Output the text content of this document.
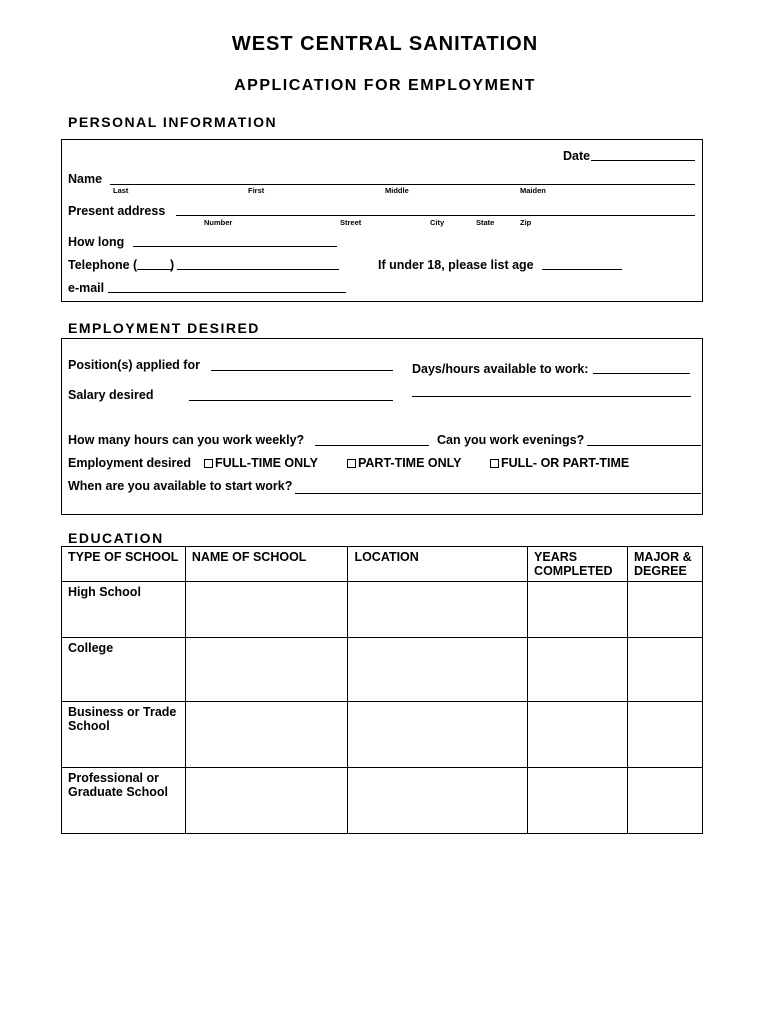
WEST CENTRAL SANITATION
APPLICATION FOR EMPLOYMENT
PERSONAL INFORMATION
Date
Name
Last	First	Middle	Maiden
Present address
Number	Street	City	State	Zip
How long
Telephone (	)	If under 18, please list age
e-mail
EMPLOYMENT DESIRED
Position(s) applied for	Days/hours available to work:
Salary desired
How many hours can you work weekly?	Can you work evenings?
Employment desired	FULL-TIME ONLY	PART-TIME ONLY	FULL- OR PART-TIME
When are you available to start work?
EDUCATION
TYPE OF SCHOOL	NAME OF SCHOOL	LOCATION	YEARS COMPLETED	MAJOR & DEGREE
High School				
College				
Business or Trade School				
Professional or Graduate School				
